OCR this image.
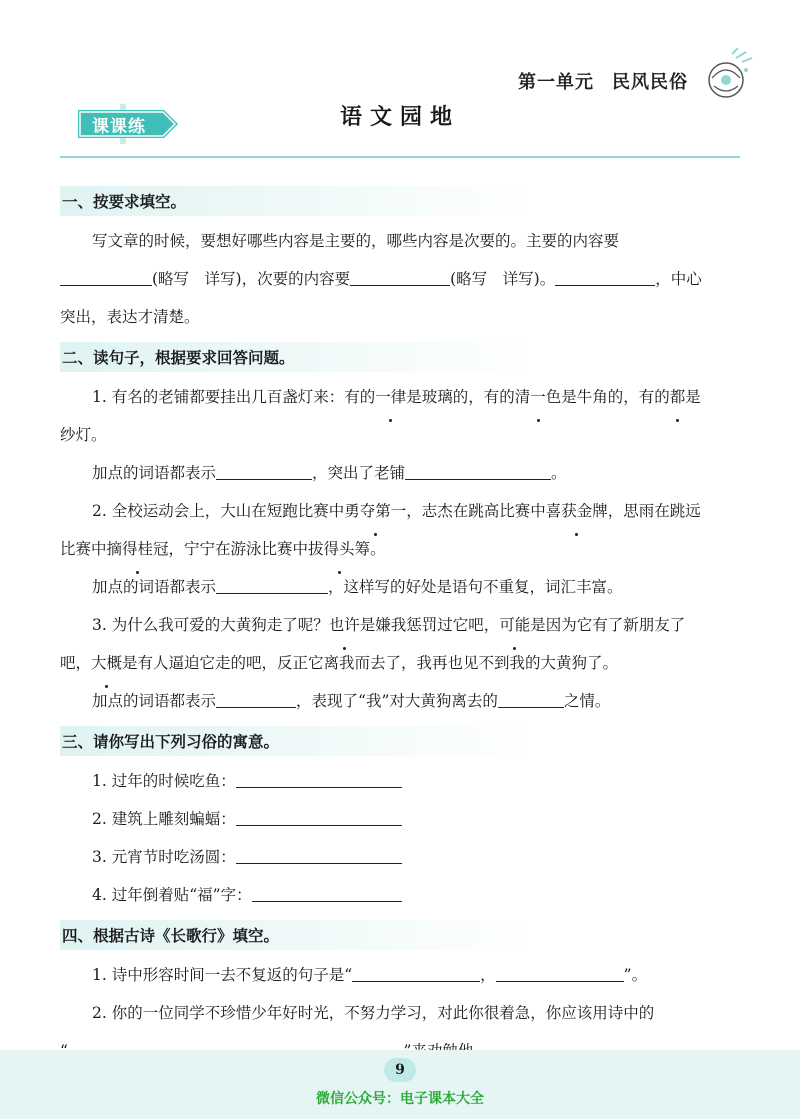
第一单元 民风民俗
课课练	语文园地
一、按要求填空。
写文章的时候，要想好哪些内容是主要的，哪些内容是次要的。主要的内容要
(略写　详写)，次要的内容要	(略写　详写)。	，中心
突出，表达才清楚。
二、读句子，根据要求回答问题。
1. 有名的老铺都要挂出几百盏灯来：有的一律是玻璃的，有的清一色是牛角的，有的都是
纱灯。
加点的词语都表示	，突出了老铺	。
2. 全校运动会上，大山在短跑比赛中勇夺第一，志杰在跳高比赛中喜获金牌，思雨在跳远
比赛中摘得桂冠，宁宁在游泳比赛中拔得头筹。
加点的词语都表示	，这样写的好处是语句不重复，词汇丰富。
3. 为什么我可爱的大黄狗走了呢？也许是嫌我惩罚过它吧，可能是因为它有了新朋友了
吧，大概是有人逼迫它走的吧，反正它离我而去了，我再也见不到我的大黄狗了。
加点的词语都表示	，表现了“我”对大黄狗离去的	之情。
三、请你写出下列习俗的寓意。
1. 过年的时候吃鱼：
2. 建筑上雕刻蝙蝠：
3. 元宵节时吃汤圆：
4. 过年倒着贴“福”字：
四、根据古诗《长歌行》填空。
1. 诗中形容时间一去不复返的句子是“	，	”。
2. 你的一位同学不珍惜少年好时光，不努力学习，对此你很着急，你应该用诗中的
9
微信公众号：电子课本大全
